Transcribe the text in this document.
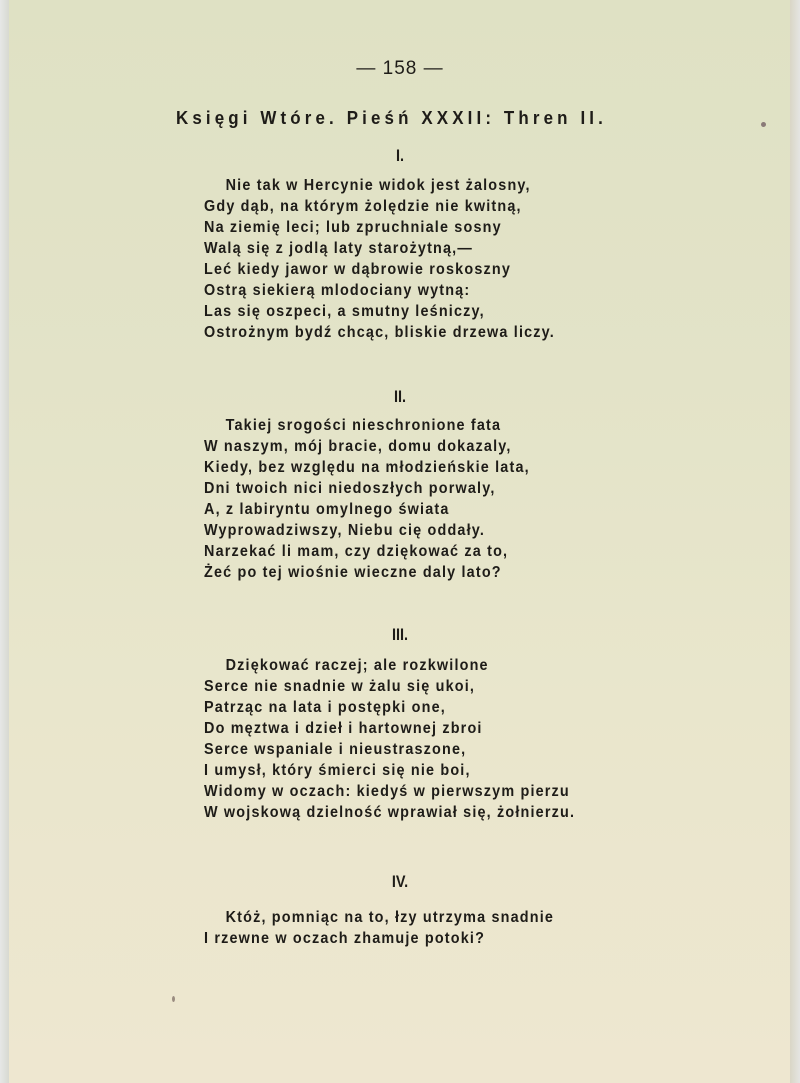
— 158 —
Księgi Wtóre. Pieśń XXXII: Thren II.
I.
Nie tak w Hercynie widok jest żalosny,
Gdy dąb, na którym żolędzie nie kwitną,
Na ziemię leci; lub zpruchniale sosny
Walą się z jodlą laty starożytną,—
Leć kiedy jawor w dąbrowie roskoszny
Ostrą siekierą mlodociany wytną:
Las się oszpeci, a smutny leśniczy,
Ostrożnym bydź chcąc, bliskie drzewa liczy.
II.
Takiej srogości nieschronione fata
W naszym, mój bracie, domu dokazaly,
Kiedy, bez względu na młodzieńskie lata,
Dni twoich nici niedoszłych porwaly,
A, z labiryntu omylnego świata
Wyprowadziwszy, Niebu cię oddały.
Narzekać li mam, czy dziękować za to,
Żeć po tej wiośnie wieczne daly lato?
III.
Dziękować raczej; ale rozkwilone
Serce nie snadnie w żalu się ukoi,
Patrząc na lata i postępki one,
Do męztwa i dzieł i hartownej zbroi
Serce wspaniale i nieustraszone,
I umysł, który śmierci się nie boi,
Widomy w oczach: kiedyś w pierwszym pierzu
W wojskową dzielność wprawiał się, żołnierzu.
IV.
Któż, pomniąc na to, łzy utrzyma snadnie
I rzewne w oczach zhamuje potoki?
